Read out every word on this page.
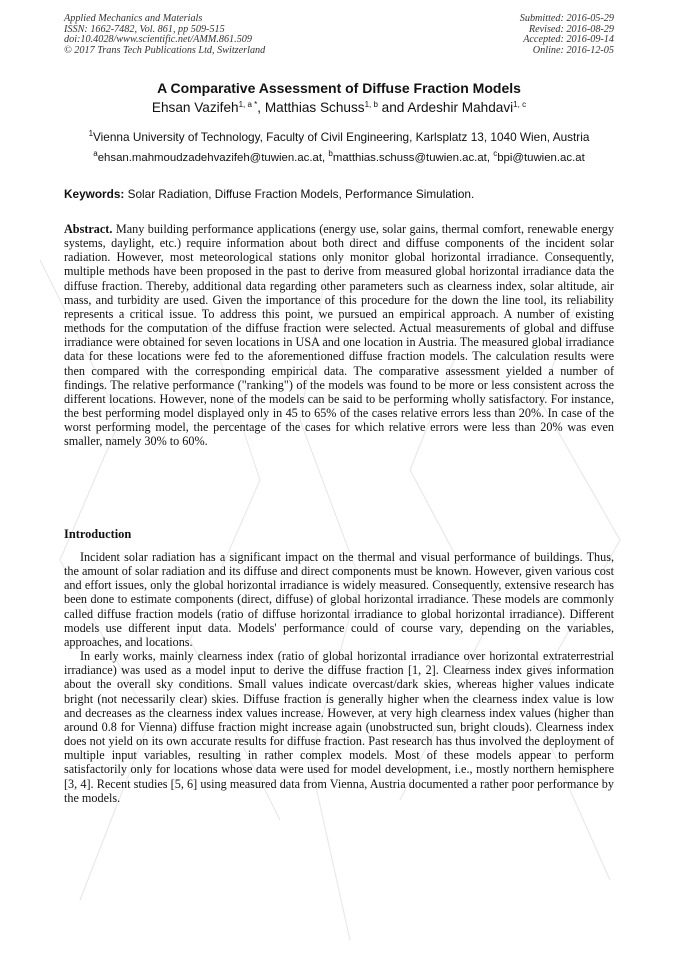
Applied Mechanics and Materials
ISSN: 1662-7482, Vol. 861, pp 509-515
doi:10.4028/www.scientific.net/AMM.861.509
© 2017 Trans Tech Publications Ltd, Switzerland
Submitted: 2016-05-29
Revised: 2016-08-29
Accepted: 2016-09-14
Online: 2016-12-05
A Comparative Assessment of Diffuse Fraction Models
Ehsan Vazifeh$^{1, a *}$, Matthias Schuss$^{1, b}$ and Ardeshir Mahdavi$^{1, c}$
$^1$Vienna University of Technology, Faculty of Civil Engineering, Karlsplatz 13, 1040 Wien, Austria
$^a$ehsan.mahmoudzadehvazifeh@tuwien.ac.at, $^b$matthias.schuss@tuwien.ac.at, $^c$bpi@tuwien.ac.at
Keywords: Solar Radiation, Diffuse Fraction Models, Performance Simulation.
Abstract. Many building performance applications (energy use, solar gains, thermal comfort, renewable energy systems, daylight, etc.) require information about both direct and diffuse components of the incident solar radiation. However, most meteorological stations only monitor global horizontal irradiance. Consequently, multiple methods have been proposed in the past to derive from measured global horizontal irradiance data the diffuse fraction. Thereby, additional data regarding other parameters such as clearness index, solar altitude, air mass, and turbidity are used. Given the importance of this procedure for the down the line tool, its reliability represents a critical issue. To address this point, we pursued an empirical approach. A number of existing methods for the computation of the diffuse fraction were selected. Actual measurements of global and diffuse irradiance were obtained for seven locations in USA and one location in Austria. The measured global irradiance data for these locations were fed to the aforementioned diffuse fraction models. The calculation results were then compared with the corresponding empirical data. The comparative assessment yielded a number of findings. The relative performance ("ranking") of the models was found to be more or less consistent across the different locations. However, none of the models can be said to be performing wholly satisfactory. For instance, the best performing model displayed only in 45 to 65% of the cases relative errors less than 20%. In case of the worst performing model, the percentage of the cases for which relative errors were less than 20% was even smaller, namely 30% to 60%.
Introduction

Incident solar radiation has a significant impact on the thermal and visual performance of buildings. Thus, the amount of solar radiation and its diffuse and direct components must be known. However, given various cost and effort issues, only the global horizontal irradiance is widely measured. Consequently, extensive research has been done to estimate components (direct, diffuse) of global horizontal irradiance. These models are commonly called diffuse fraction models (ratio of diffuse horizontal irradiance to global horizontal irradiance). Different models use different input data. Models' performance could of course vary, depending on the variables, approaches, and locations.

In early works, mainly clearness index (ratio of global horizontal irradiance over horizontal extraterrestrial irradiance) was used as a model input to derive the diffuse fraction [1, 2]. Clearness index gives information about the overall sky conditions. Small values indicate overcast/dark skies, whereas higher values indicate bright (not necessarily clear) skies. Diffuse fraction is generally higher when the clearness index value is low and decreases as the clearness index values increase. However, at very high clearness index values (higher than around 0.8 for Vienna) diffuse fraction might increase again (unobstructed sun, bright clouds). Clearness index does not yield on its own accurate results for diffuse fraction. Past research has thus involved the deployment of multiple input variables, resulting in rather complex models. Most of these models appear to perform satisfactorily only for locations whose data were used for model development, i.e., mostly northern hemisphere [3, 4]. Recent studies [5, 6] using measured data from Vienna, Austria documented a rather poor performance by the models.
